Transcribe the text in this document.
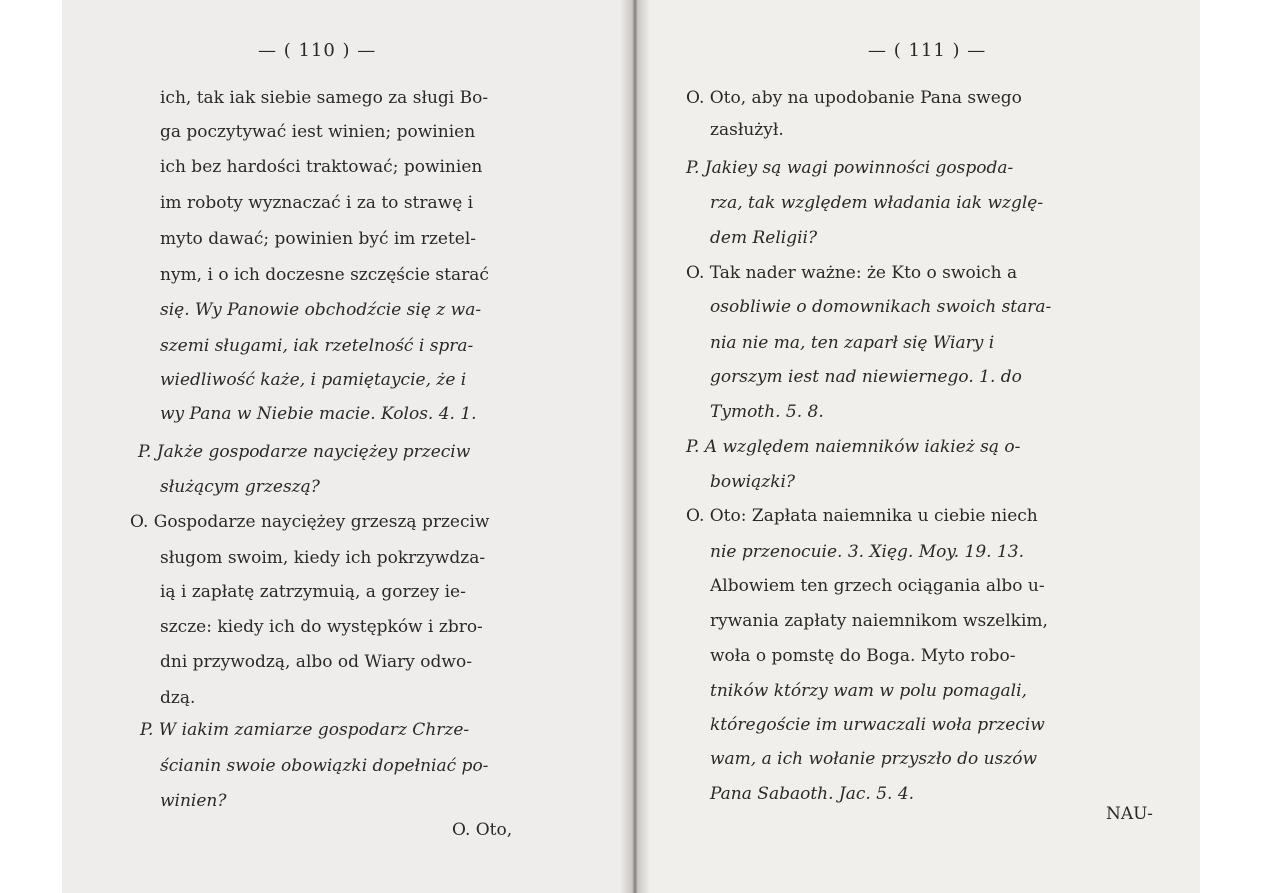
— ( 110 ) —
ich, tak iak siebie samego za sługi Bo-
ga poczytywać iest winien; powinien
ich bez hardości traktować; powinien
im roboty wyznaczać i za to strawę i
myto dawać; powinien być im rzetel-
nym, i o ich doczesne szczęście starać
się. Wy Panowie obchodźcie się z wa-
szemi sługami, iak rzetelność i spra-
wiedliwość każe, i pamiętaycie, że i
wy Pana w Niebie macie. Kolos. 4. 1.
P. Jakże gospodarze nayciężey przeciw
służącym grzeszą?
O. Gospodarze nayciężey grzeszą przeciw
sługom swoim, kiedy ich pokrzywdza-
ią i zapłatę zatrzymuią, a gorzey ie-
szcze: kiedy ich do występków i zbro-
dni przywodzą, albo od Wiary odwo-
dzą.
P. W iakim zamiarze gospodarz Chrze-
ścianin swoie obowiązki dopełniać po-
winien?
O. Oto,
— ( 111 ) —
O. Oto, aby na upodobanie Pana swego
zasłużył.
P. Jakiey są wagi powinności gospoda-
rza, tak względem władania iak wzglę-
dem Religii?
O. Tak nader ważne: że Kto o swoich a
osobliwie o domownikach swoich stara-
nia nie ma, ten zaparł się Wiary i
gorszym iest nad niewiernego. 1. do
Tymoth. 5. 8.
P. A względem naiemników iakież są o-
bowiązki?
O. Oto: Zapłata naiemnika u ciebie niech
nie przenocuie. 3. Xięg. Moy. 19. 13.
Albowiem ten grzech ociągania albo u-
rywania zapłaty naiemnikom wszelkim,
woła o pomstę do Boga. Myto robo-
tników którzy wam w polu pomagali,
któregoście im urwaczali woła przeciw
wam, a ich wołanie przyszło do uszów
Pana Sabaoth. Jac. 5. 4.
NAU-
